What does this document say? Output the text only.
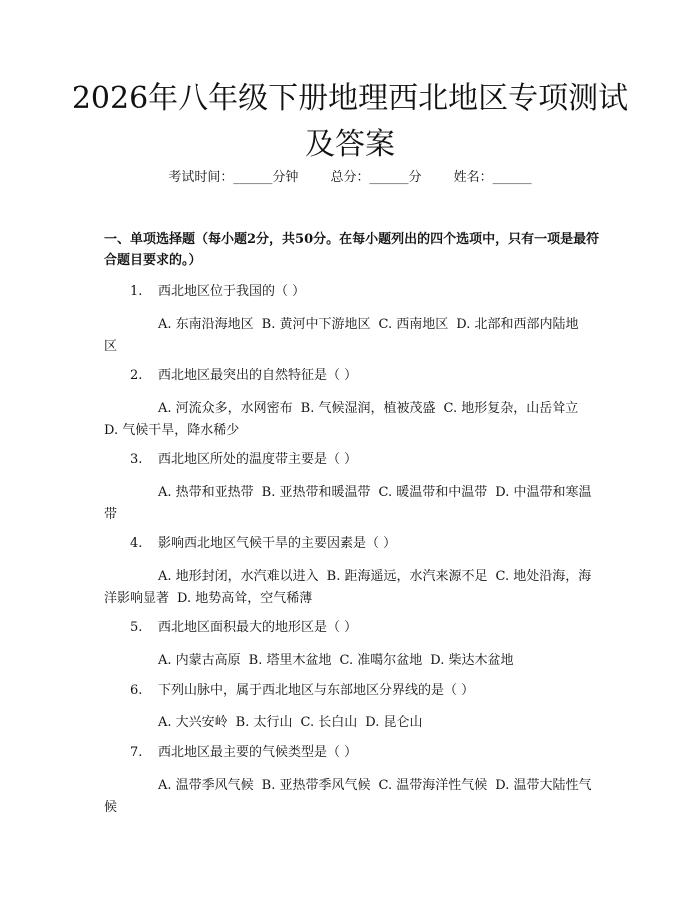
2026年八年级下册地理西北地区专项测试及答案
考试时间：______分钟 总分：______分 姓名：______
一、单项选择题（每小题2分，共50分。在每小题列出的四个选项中，只有一项是最符合题目要求的。）
1. 西北地区位于我国的（ ）
A. 东南沿海地区 B. 黄河中下游地区 C. 西南地区 D. 北部和西部内陆地区
2. 西北地区最突出的自然特征是（ ）
A. 河流众多，水网密布 B. 气候湿润，植被茂盛 C. 地形复杂，山岳耸立D. 气候干旱，降水稀少
3. 西北地区所处的温度带主要是（ ）
A. 热带和亚热带 B. 亚热带和暖温带 C. 暖温带和中温带 D. 中温带和寒温带
4. 影响西北地区气候干旱的主要因素是（ ）
A. 地形封闭，水汽难以进入 B. 距海遥远，水汽来源不足 C. 地处沿海，海洋影响显著 D. 地势高耸，空气稀薄
5. 西北地区面积最大的地形区是（ ）
A. 内蒙古高原 B. 塔里木盆地 C. 准噶尔盆地 D. 柴达木盆地
6. 下列山脉中，属于西北地区与东部地区分界线的是（ ）
A. 大兴安岭 B. 太行山 C. 长白山 D. 昆仑山
7. 西北地区最主要的气候类型是（ ）
A. 温带季风气候 B. 亚热带季风气候 C. 温带海洋性气候 D. 温带大陆性气候
